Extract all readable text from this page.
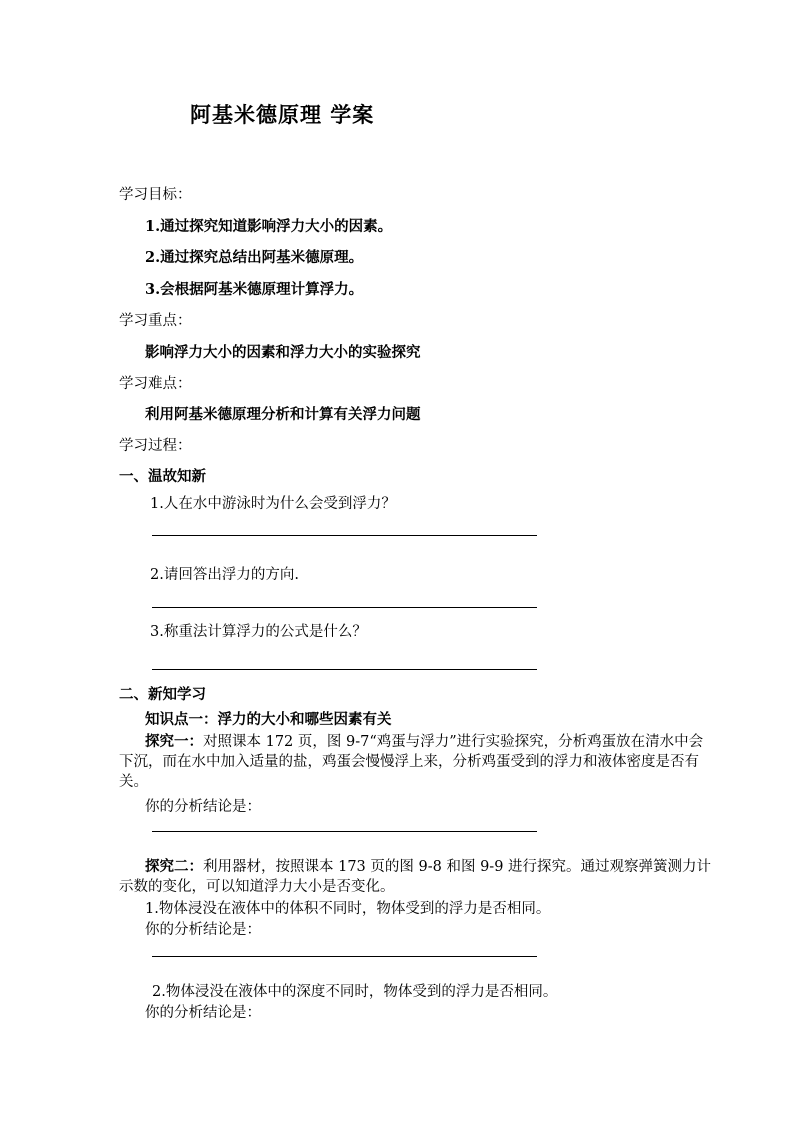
阿基米德原理 学案
学习目标：
1.通过探究知道影响浮力大小的因素。
2.通过探究总结出阿基米德原理。
3.会根据阿基米德原理计算浮力。
学习重点：
影响浮力大小的因素和浮力大小的实验探究
学习难点：
利用阿基米德原理分析和计算有关浮力问题
学习过程：
一、温故知新
1.人在水中游泳时为什么会受到浮力？
2.请回答出浮力的方向.
3.称重法计算浮力的公式是什么？
二、新知学习
知识点一：浮力的大小和哪些因素有关
探究一：对照课本 172 页，图 9-7“鸡蛋与浮力”进行实验探究，分析鸡蛋放在清水中会下沉，而在水中加入适量的盐，鸡蛋会慢慢浮上来，分析鸡蛋受到的浮力和液体密度是否有关。
你的分析结论是：
探究二：利用器材，按照课本 173 页的图 9-8 和图 9-9 进行探究。通过观察弹簧测力计示数的变化，可以知道浮力大小是否变化。
1.物体浸没在液体中的体积不同时，物体受到的浮力是否相同。
你的分析结论是：
2.物体浸没在液体中的深度不同时，物体受到的浮力是否相同。
你的分析结论是：
